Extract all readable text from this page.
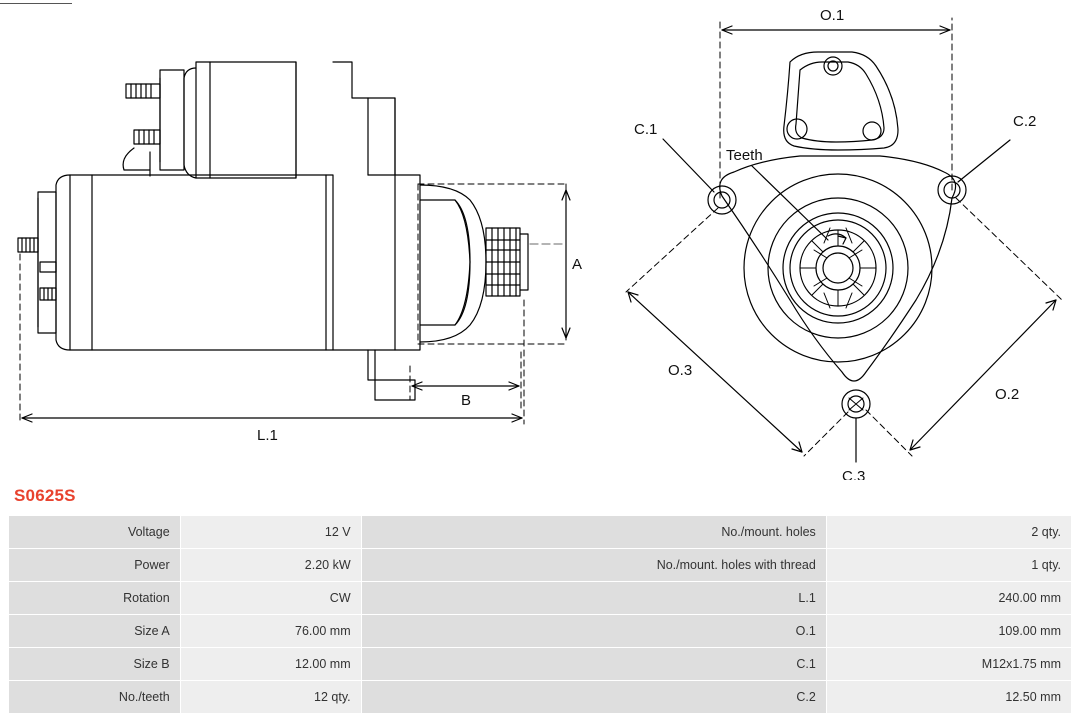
A
B
L.1
O.1
O.2
O.3
C.1	C.2
C.3
Teeth
S0625S
Voltage	12 V	No./mount. holes	2 qty.
Power	2.20 kW	No./mount. holes with thread	1 qty.
Rotation	CW	L.1	240.00 mm
Size A	76.00 mm	O.1	109.00 mm
Size B	12.00 mm	C.1	M12x1.75 mm
No./teeth	12 qty.	C.2	12.50 mm
